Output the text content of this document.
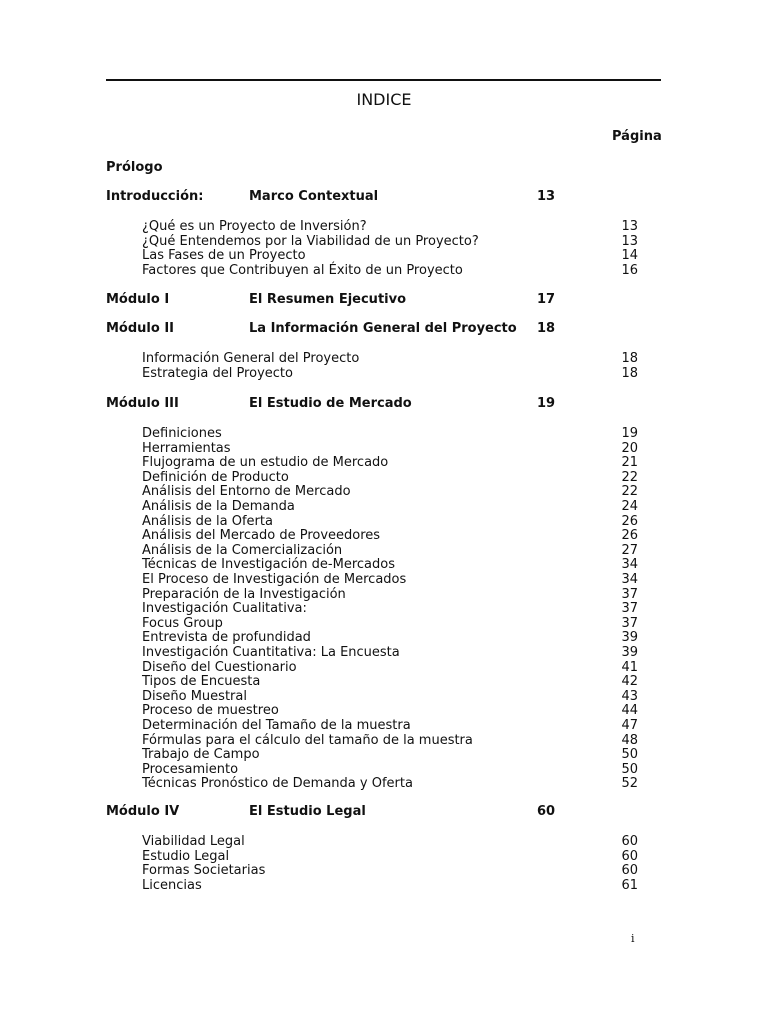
INDICE
Página
Prólogo
Introducción:	Marco Contextual	13
¿Qué es un Proyecto de Inversión?	13
¿Qué Entendemos por la Viabilidad de un Proyecto?	13
Las Fases de un Proyecto	14
Factores que Contribuyen al Éxito de un Proyecto	16
Módulo I	El Resumen Ejecutivo	17
Módulo II	La Información General del Proyecto 18
Información General del Proyecto	18
Estrategia del Proyecto	18
Módulo III	El Estudio de Mercado	19
Definiciones	19
Herramientas	20
Flujograma de un estudio de Mercado	21
Definición de Producto	22
Análisis del Entorno de Mercado	22
Análisis de la Demanda	24
Análisis de la Oferta	26
Análisis del Mercado de Proveedores	26
Análisis de la Comercialización	27
Técnicas de Investigación de-Mercados	34
El Proceso de Investigación de Mercados	34
Preparación de la Investigación	37
Investigación Cualitativa:	37
Focus Group	37
Entrevista de profundidad	39
Investigación Cuantitativa: La Encuesta	39
Diseño del Cuestionario	41
Tipos de Encuesta	42
Diseño Muestral	43
Proceso de muestreo	44
Determinación del Tamaño de la muestra	47
Fórmulas para el cálculo del tamaño de la muestra	48
Trabajo de Campo	50
Procesamiento	50
Técnicas Pronóstico de Demanda y Oferta	52
Módulo IV	El Estudio Legal	60
Viabilidad Legal	60
Estudio Legal	60
Formas Societarias	60
Licencias	61
i
